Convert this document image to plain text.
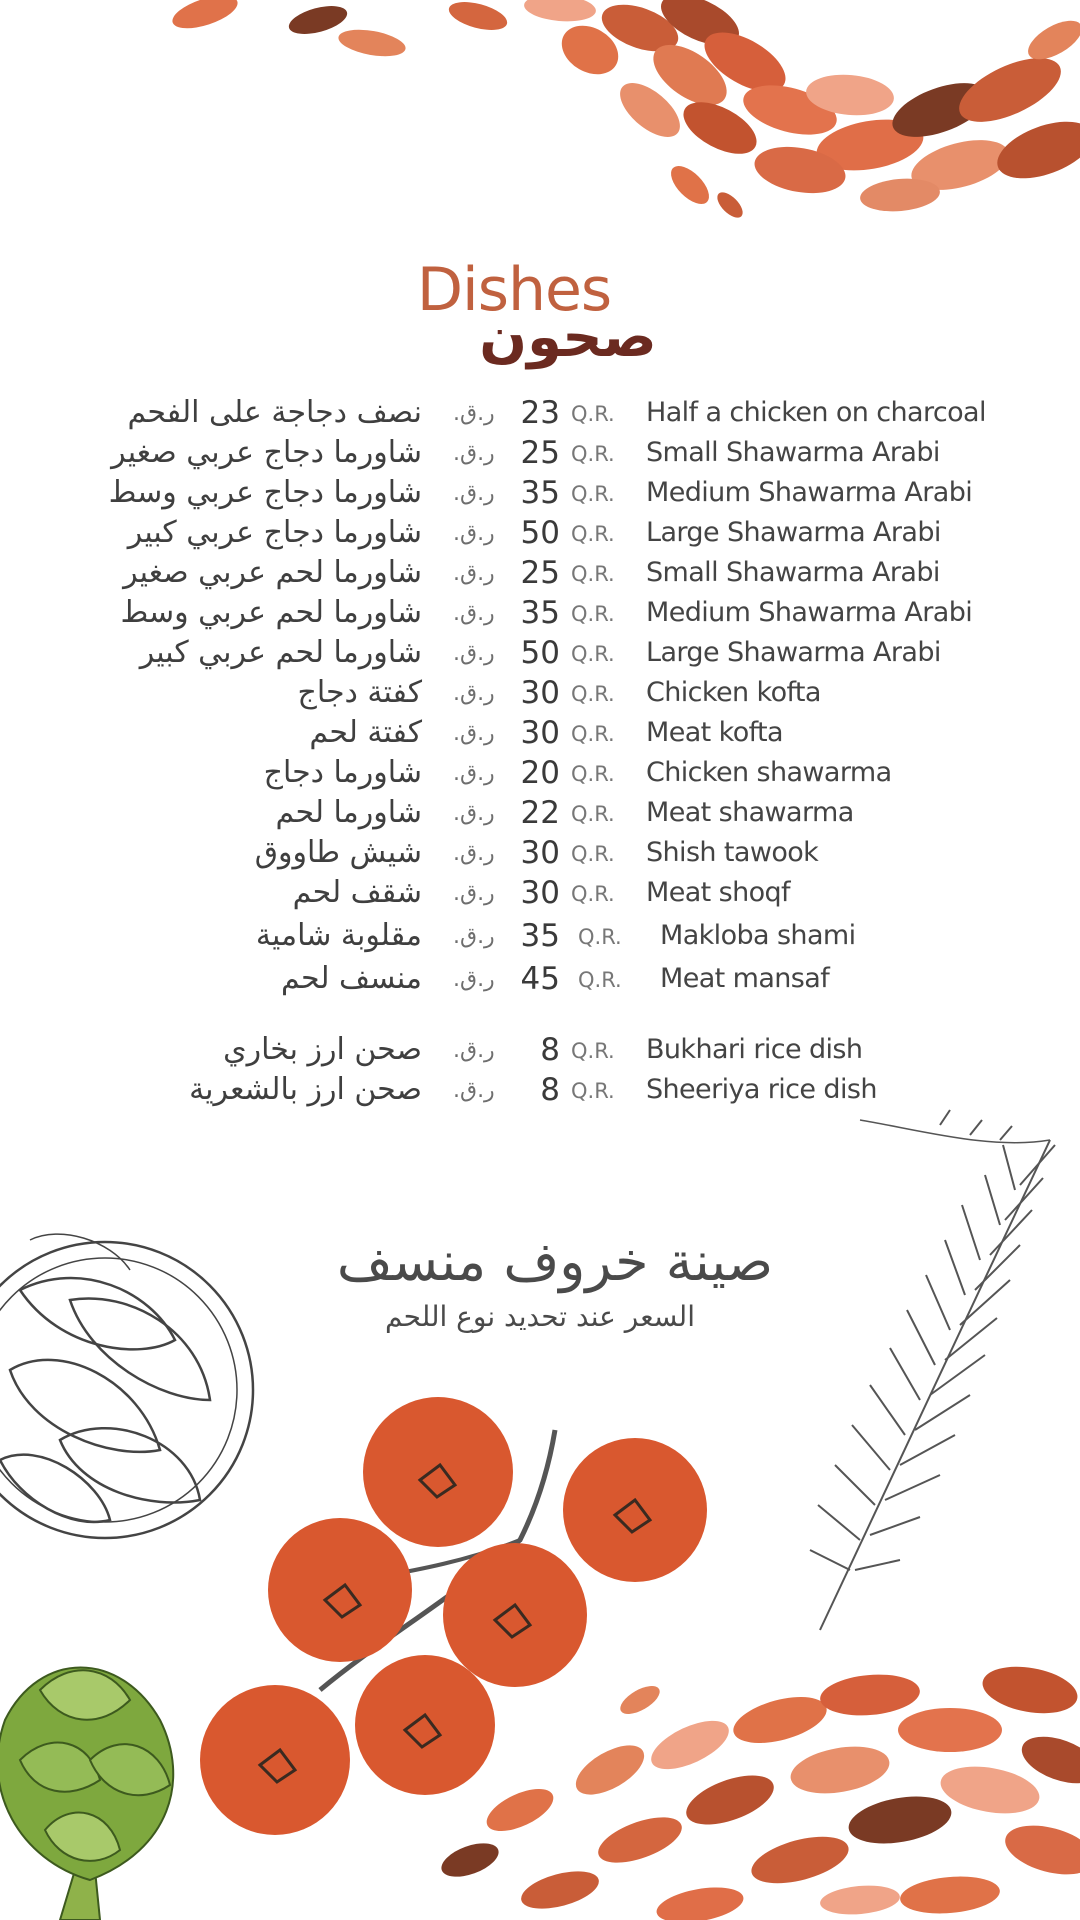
Dishes
صحون
نصف دجاجة على الفحم ر.ق. 23 Q.R. Half a chicken on charcoal
شاورما دجاج عربي صغير ر.ق. 25 Q.R. Small Shawarma Arabi
شاورما دجاج عربي وسط ر.ق. 35 Q.R. Medium Shawarma Arabi
شاورما دجاج عربي كبير ر.ق. 50 Q.R. Large Shawarma Arabi
شاورما لحم عربي صغير ر.ق. 25 Q.R. Small Shawarma Arabi
شاورما لحم عربي وسط ر.ق. 35 Q.R. Medium Shawarma Arabi
شاورما لحم عربي كبير ر.ق. 50 Q.R. Large Shawarma Arabi
كفتة دجاج ر.ق. 30 Q.R. Chicken kofta
كفتة لحم ر.ق. 30 Q.R. Meat kofta
شاورما دجاج ر.ق. 20 Q.R. Chicken shawarma
شاورما لحم ر.ق. 22 Q.R. Meat shawarma
شيش طاووق ر.ق. 30 Q.R. Shish tawook
شقف لحم ر.ق. 30 Q.R. Meat shoqf
مقلوبة شامية ر.ق. 35 Q.R. Makloba shami
منسف لحم ر.ق. 45 Q.R. Meat mansaf
صحن ارز بخاري ر.ق.	8 Q.R. Bukhari rice dish
صحن ارز بالشعرية ر.ق.	8 Q.R. Sheeriya rice dish
صينة خروف منسف
السعر عند تحديد نوع اللحم
